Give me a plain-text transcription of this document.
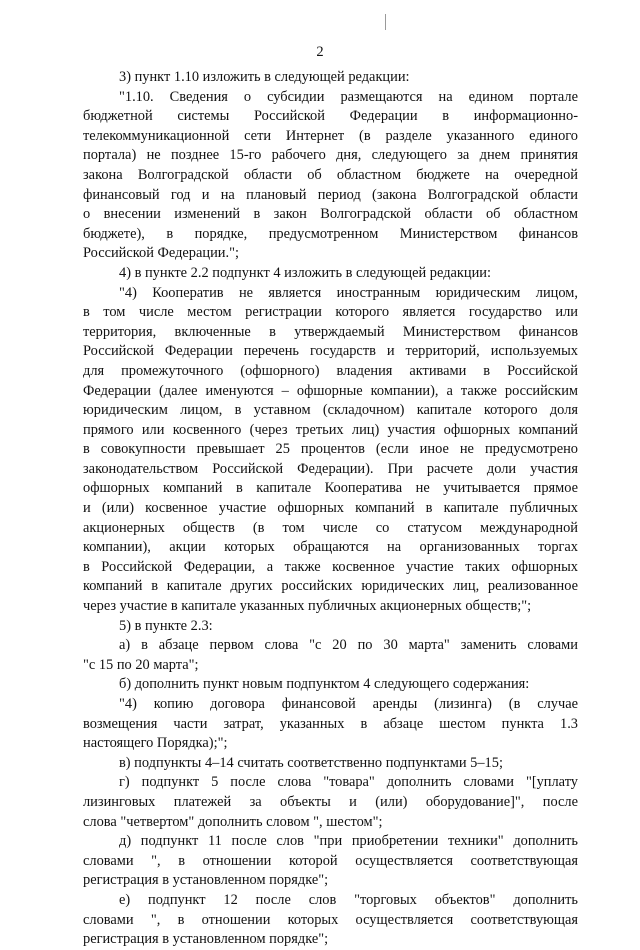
2
3) пункт 1.10 изложить в следующей редакции:
"1.10. Сведения о субсидии размещаются на едином портале
бюджетной системы Российской Федерации в информационно-
телекоммуникационной сети Интернет (в разделе указанного единого
портала) не позднее 15-го рабочего дня, следующего за днем принятия
закона Волгоградской области об областном бюджете на очередной
финансовый год и на плановый период (закона Волгоградской области
о внесении изменений в закон Волгоградской области об областном
бюджете), в порядке, предусмотренном Министерством финансов
Российской Федерации.";
4) в пункте 2.2 подпункт 4 изложить в следующей редакции:
"4) Кооператив не является иностранным юридическим лицом,
в том числе местом регистрации которого является государство или
территория, включенные в утверждаемый Министерством финансов
Российской Федерации перечень государств и территорий, используемых
для промежуточного (офшорного) владения активами в Российской
Федерации (далее именуются – офшорные компании), а также российским
юридическим лицом, в уставном (складочном) капитале которого доля
прямого или косвенного (через третьих лиц) участия офшорных компаний
в совокупности превышает 25 процентов (если иное не предусмотрено
законодательством Российской Федерации). При расчете доли участия
офшорных компаний в капитале Кооператива не учитывается прямое
и (или) косвенное участие офшорных компаний в капитале публичных
акционерных обществ (в том числе со статусом международной
компании), акции которых обращаются на организованных торгах
в Российской Федерации, а также косвенное участие таких офшорных
компаний в капитале других российских юридических лиц, реализованное
через участие в капитале указанных публичных акционерных обществ;";
5) в пункте 2.3:
а) в абзаце первом слова "с 20 по 30 марта" заменить словами
"с 15 по 20 марта";
б) дополнить пункт новым подпунктом 4 следующего содержания:
"4) копию договора финансовой аренды (лизинга) (в случае
возмещения части затрат, указанных в абзаце шестом пункта 1.3
настоящего Порядка);";
в) подпункты 4–14 считать соответственно подпунктами 5–15;
г) подпункт 5 после слова "товара" дополнить словами "[уплату
лизинговых платежей за объекты и (или) оборудование]", после
слова "четвертом" дополнить словом ", шестом";
д) подпункт 11 после слов "при приобретении техники" дополнить
словами ", в отношении которой осуществляется соответствующая
регистрация в установленном порядке";
е) подпункт 12 после слов "торговых объектов" дополнить
словами ", в отношении которых осуществляется соответствующая
регистрация в установленном порядке";
